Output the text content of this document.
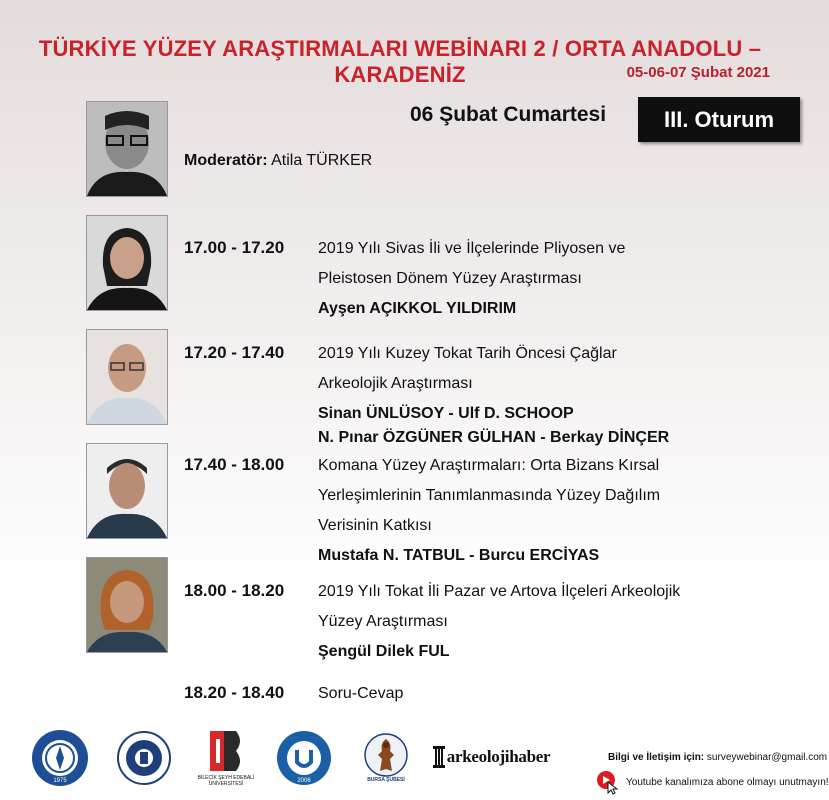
TÜRKİYE YÜZEY ARAŞTIRMALARI WEBİNARI 2 / ORTA ANADOLU – KARADENİZ	05-06-07 Şubat 2021
06 Şubat Cumartesi	III. Oturum
Moderatör: Atila TÜRKER
17.00 - 17.20 2019 Yılı Sivas İli ve İlçelerinde Pliyosen ve
Pleistosen Dönem Yüzey Araştırması
Ayşen AÇIKKOL YILDIRIM
17.20 - 17.40 2019 Yılı Kuzey Tokat Tarih Öncesi Çağlar
Arkeolojik Araştırması
Sinan ÜNLÜSOY - Ulf D. SCHOOP
N. Pınar ÖZGÜNER GÜLHAN - Berkay DİNÇER
17.40 - 18.00 Komana Yüzey Araştırmaları: Orta Bizans Kırsal
Yerleşimlerinin Tanımlanmasında Yüzey Dağılım
Verisinin Katkısı
Mustafa N. TATBUL - Burcu ERCİYAS
18.00 - 18.20 2019 Yılı Tokat İli Pazar ve Artova İlçeleri Arkeolojik
Yüzey Araştırması
Şengül Dilek FUL
18.20 - 18.40 Soru-Cevap
1975	BİLECİK ŞEYH EDEBALİ ÜNİVERSİTESİ	2006	BURSA ŞUBESİ
arkeolojihaber	Bilgi ve İletişim için: surveywebinar@gmail.com
Youtube kanalımıza abone olmayı unutmayın!
